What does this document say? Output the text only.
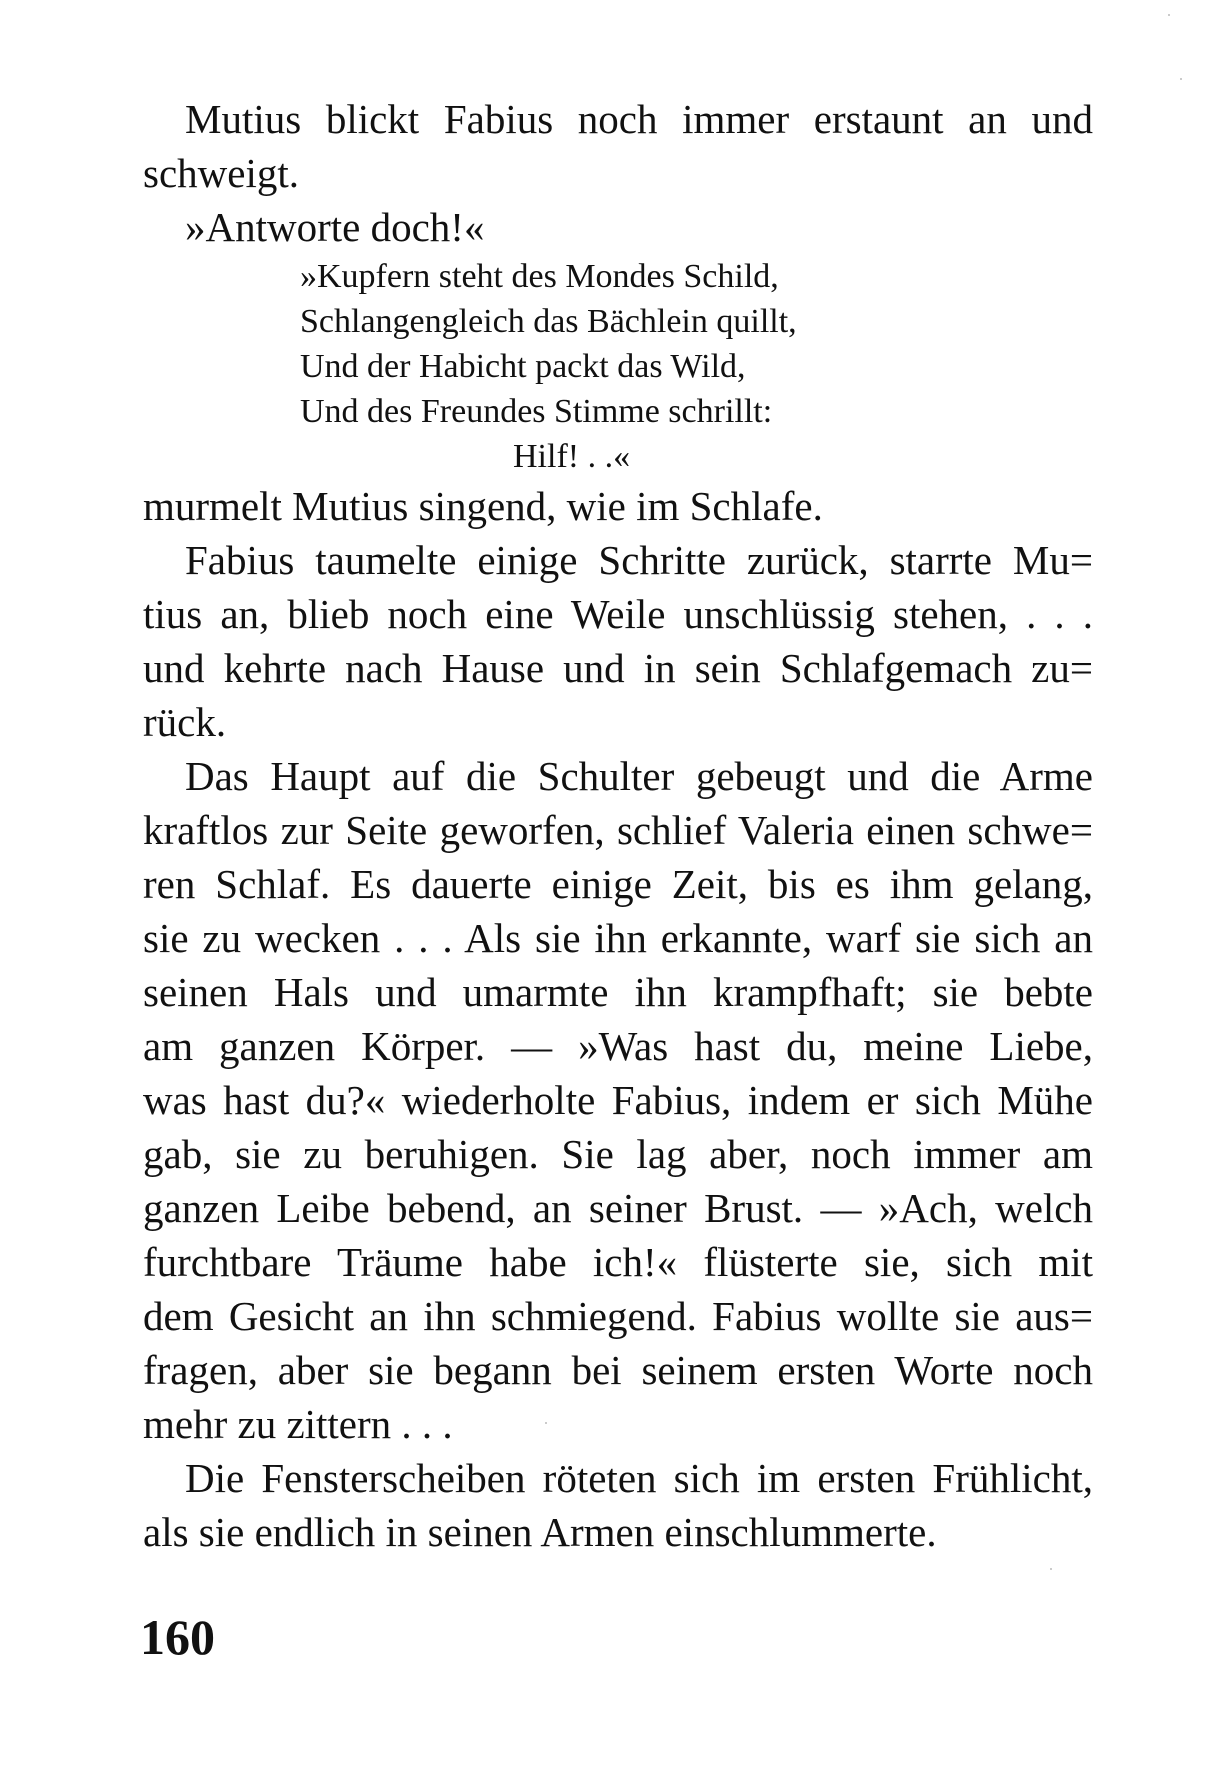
Mutius blickt Fabius noch immer erstaunt an und
schweigt.
»Antworte doch!«
»Kupfern steht des Mondes Schild,
Schlangengleich das Bächlein quillt,
Und der Habicht packt das Wild,
Und des Freundes Stimme schrillt:
Hilf! . .«
murmelt Mutius singend, wie im Schlafe.
Fabius taumelte einige Schritte zurück, starrte Mu=
tius an, blieb noch eine Weile unschlüssig stehen, . . .
und kehrte nach Hause und in sein Schlafgemach zu=
rück.
Das Haupt auf die Schulter gebeugt und die Arme
kraftlos zur Seite geworfen, schlief Valeria einen schwe=
ren Schlaf. Es dauerte einige Zeit, bis es ihm gelang,
sie zu wecken . . . Als sie ihn erkannte, warf sie sich an
seinen Hals und umarmte ihn krampfhaft; sie bebte
am ganzen Körper. — »Was hast du, meine Liebe,
was hast du?« wiederholte Fabius, indem er sich Mühe
gab, sie zu beruhigen. Sie lag aber, noch immer am
ganzen Leibe bebend, an seiner Brust. — »Ach, welch
furchtbare Träume habe ich!« flüsterte sie, sich mit
dem Gesicht an ihn schmiegend. Fabius wollte sie aus=
fragen, aber sie begann bei seinem ersten Worte noch
mehr zu zittern . . .
Die Fensterscheiben röteten sich im ersten Frühlicht,
als sie endlich in seinen Armen einschlummerte.
160
